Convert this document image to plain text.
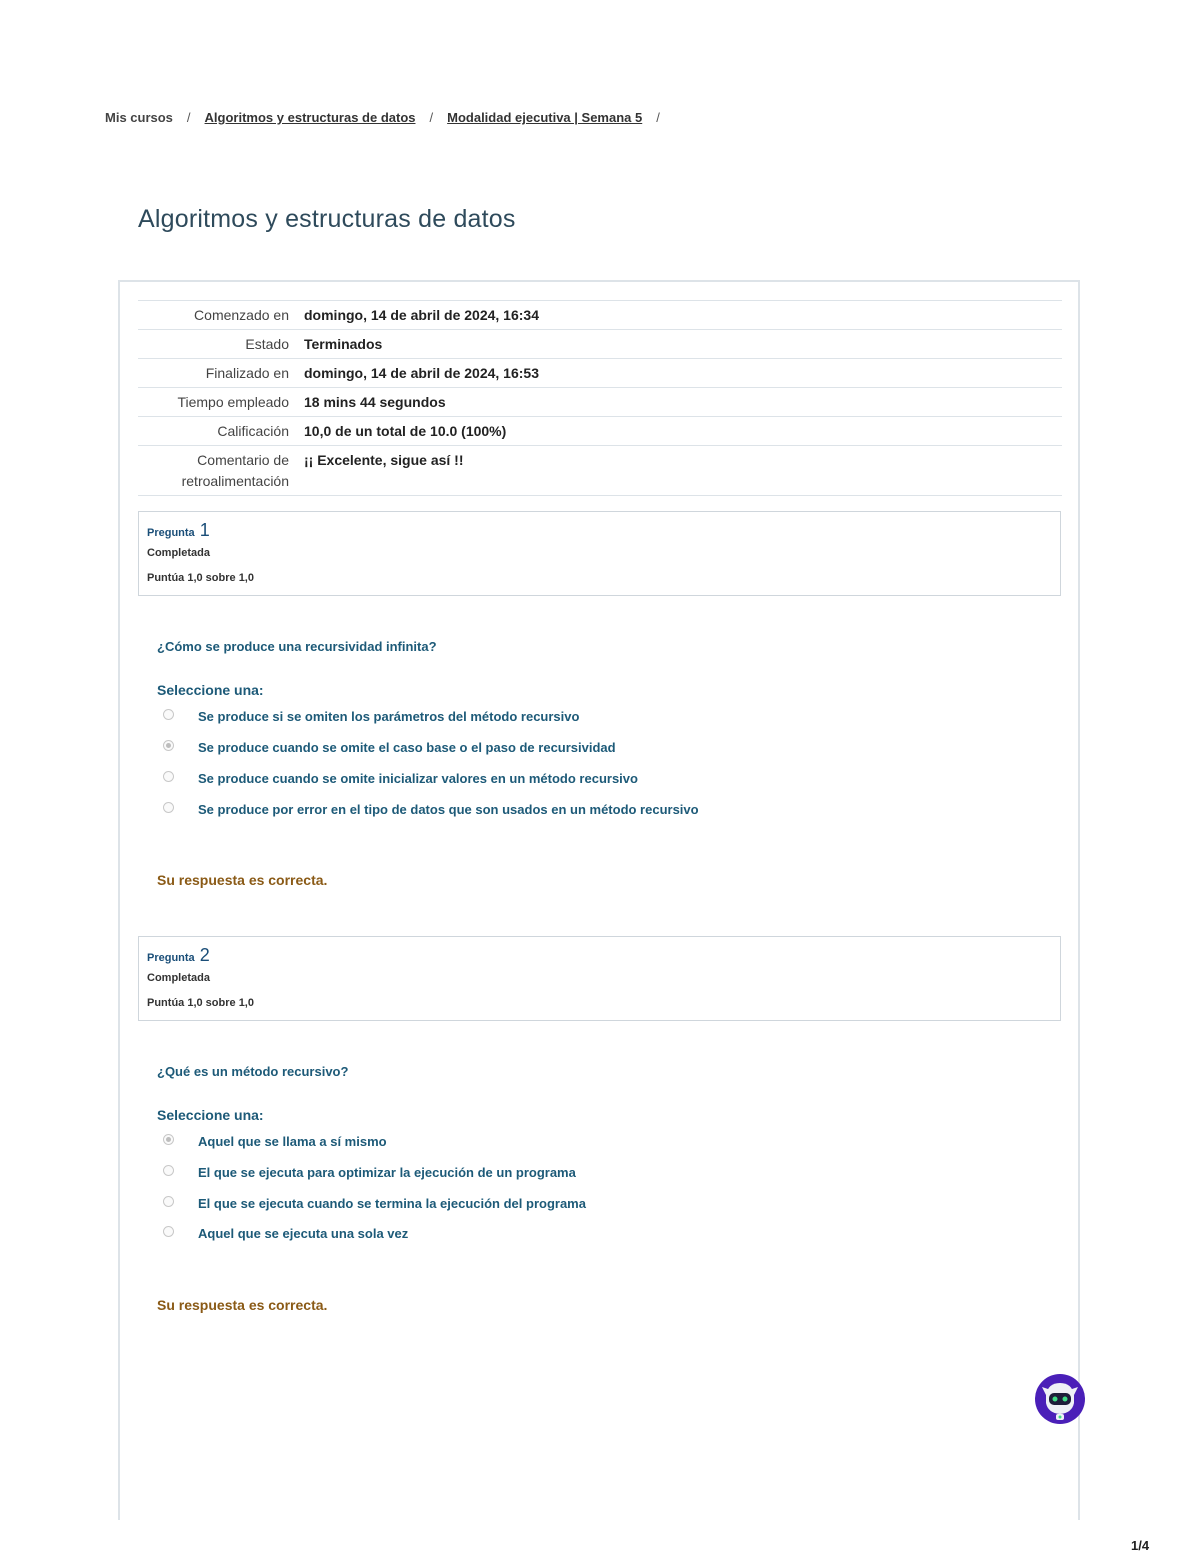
Mis cursos / Algoritmos y estructuras de datos / Modalidad ejecutiva | Semana 5 /
Algoritmos y estructuras de datos
Comenzado en	domingo, 14 de abril de 2024, 16:34
Estado	Terminados
Finalizado en	domingo, 14 de abril de 2024, 16:53
Tiempo empleado	18 mins 44 segundos
Calificación	10,0 de un total de 10.0 (100%)
Comentario de retroalimentación	¡¡ Excelente, sigue así !!
Pregunta 1
Completada
Puntúa 1,0 sobre 1,0
¿Cómo se produce una recursividad infinita?
Seleccione una:
Se produce si se omiten los parámetros del método recursivo
Se produce cuando se omite el caso base o el paso de recursividad
Se produce cuando se omite inicializar valores en un método recursivo
Se produce por error en el tipo de datos que son usados en un método recursivo
Su respuesta es correcta.
Pregunta 2
Completada
Puntúa 1,0 sobre 1,0
¿Qué es un método recursivo?
Seleccione una:
Aquel que se llama a sí mismo
El que se ejecuta para optimizar la ejecución de un programa
El que se ejecuta cuando se termina la ejecución del programa
Aquel que se ejecuta una sola vez
Su respuesta es correcta.
1/4
